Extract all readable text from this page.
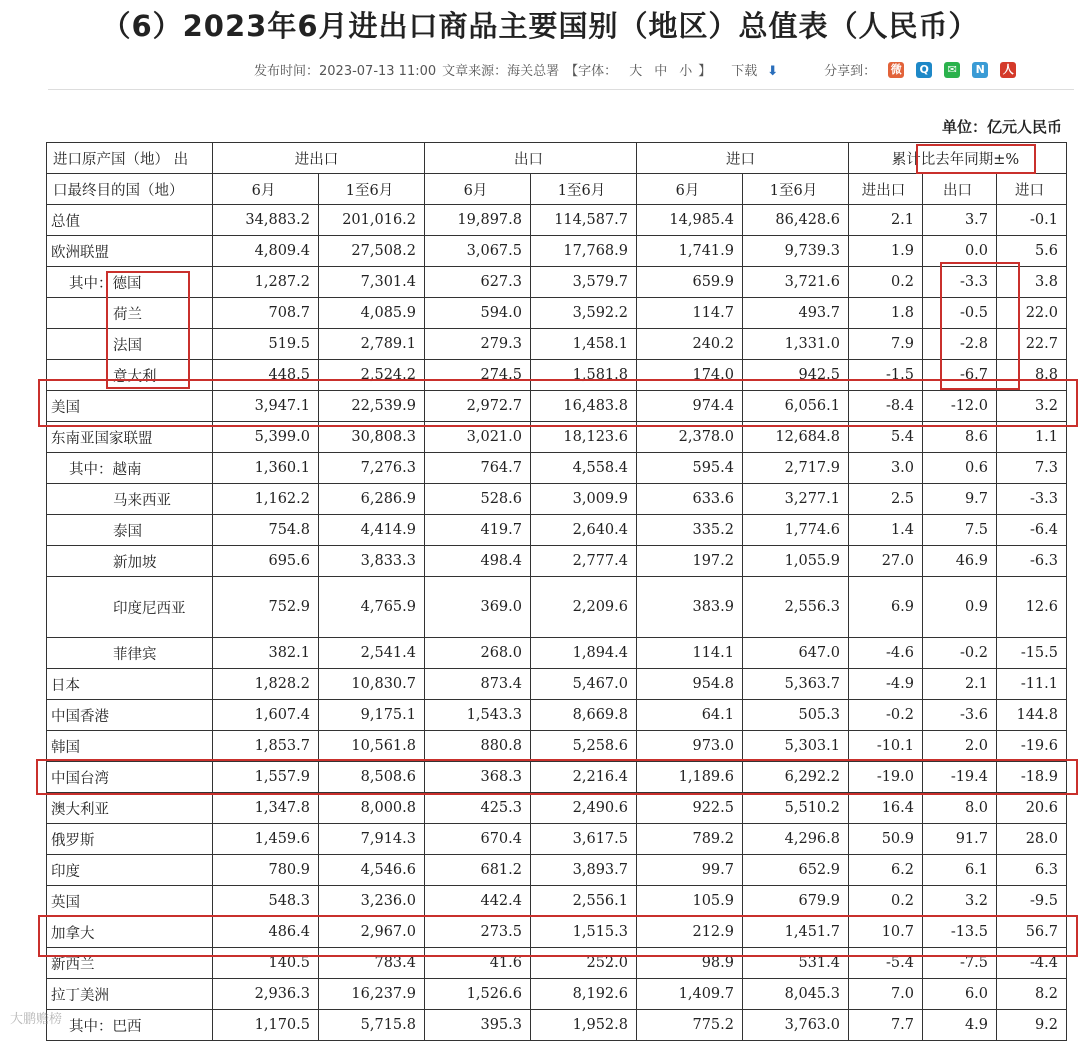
（6）2023年6月进出口商品主要国别（地区）总值表（人民币）
发布时间：2023-07-13 11:00 文章来源：海关总署 【字体： 大 中 小 】 下载 ⬇	分享到： 微	Q	✉	N	人
单位：亿元人民币
进口原产国（地） 出	进出口		出口		进口		累计比去年同期±%		
口最终目的国（地）	6月	1至6月	6月	1至6月	6月	1至6月	进出口	出口	进口
总值	34,883.2	201,016.2	19,897.8	114,587.7	14,985.4	86,428.6	2.1	3.7	-0.1
欧洲联盟	4,809.4	27,508.2	3,067.5	17,768.9	1,741.9	9,739.3	1.9	0.0	5.6
其中：德国	1,287.2	7,301.4	627.3	3,579.7	659.9	3,721.6	0.2	-3.3	3.8
荷兰	708.7	4,085.9	594.0	3,592.2	114.7	493.7	1.8	-0.5	22.0
法国	519.5	2,789.1	279.3	1,458.1	240.2	1,331.0	7.9	-2.8	22.7
意大利	448.5	2,524.2	274.5	1,581.8	174.0	942.5	-1.5	-6.7	8.8
美国	3,947.1	22,539.9	2,972.7	16,483.8	974.4	6,056.1	-8.4	-12.0	3.2
东南亚国家联盟	5,399.0	30,808.3	3,021.0	18,123.6	2,378.0	12,684.8	5.4	8.6	1.1
其中：越南	1,360.1	7,276.3	764.7	4,558.4	595.4	2,717.9	3.0	0.6	7.3
马来西亚	1,162.2	6,286.9	528.6	3,009.9	633.6	3,277.1	2.5	9.7	-3.3
泰国	754.8	4,414.9	419.7	2,640.4	335.2	1,774.6	1.4	7.5	-6.4
新加坡	695.6	3,833.3	498.4	2,777.4	197.2	1,055.9	27.0	46.9	-6.3
印度尼西亚	752.9	4,765.9	369.0	2,209.6	383.9	2,556.3	6.9	0.9	12.6
菲律宾	382.1	2,541.4	268.0	1,894.4	114.1	647.0	-4.6	-0.2	-15.5
日本	1,828.2	10,830.7	873.4	5,467.0	954.8	5,363.7	-4.9	2.1	-11.1
中国香港	1,607.4	9,175.1	1,543.3	8,669.8	64.1	505.3	-0.2	-3.6	144.8
韩国	1,853.7	10,561.8	880.8	5,258.6	973.0	5,303.1	-10.1	2.0	-19.6
中国台湾	1,557.9	8,508.6	368.3	2,216.4	1,189.6	6,292.2	-19.0	-19.4	-18.9
澳大利亚	1,347.8	8,000.8	425.3	2,490.6	922.5	5,510.2	16.4	8.0	20.6
俄罗斯	1,459.6	7,914.3	670.4	3,617.5	789.2	4,296.8	50.9	91.7	28.0
印度	780.9	4,546.6	681.2	3,893.7	99.7	652.9	6.2	6.1	6.3
英国	548.3	3,236.0	442.4	2,556.1	105.9	679.9	0.2	3.2	-9.5
加拿大	486.4	2,967.0	273.5	1,515.3	212.9	1,451.7	10.7	-13.5	56.7
新西兰	140.5	783.4	41.6	252.0	98.9	531.4	-5.4	-7.5	-4.4
拉丁美洲	2,936.3	16,237.9	1,526.6	8,192.6	1,409.7	8,045.3	7.0	6.0	8.2
其中：巴西	1,170.5	5,715.8	395.3	1,952.8	775.2	3,763.0	7.7	4.9	9.2
大鹏赡榜
